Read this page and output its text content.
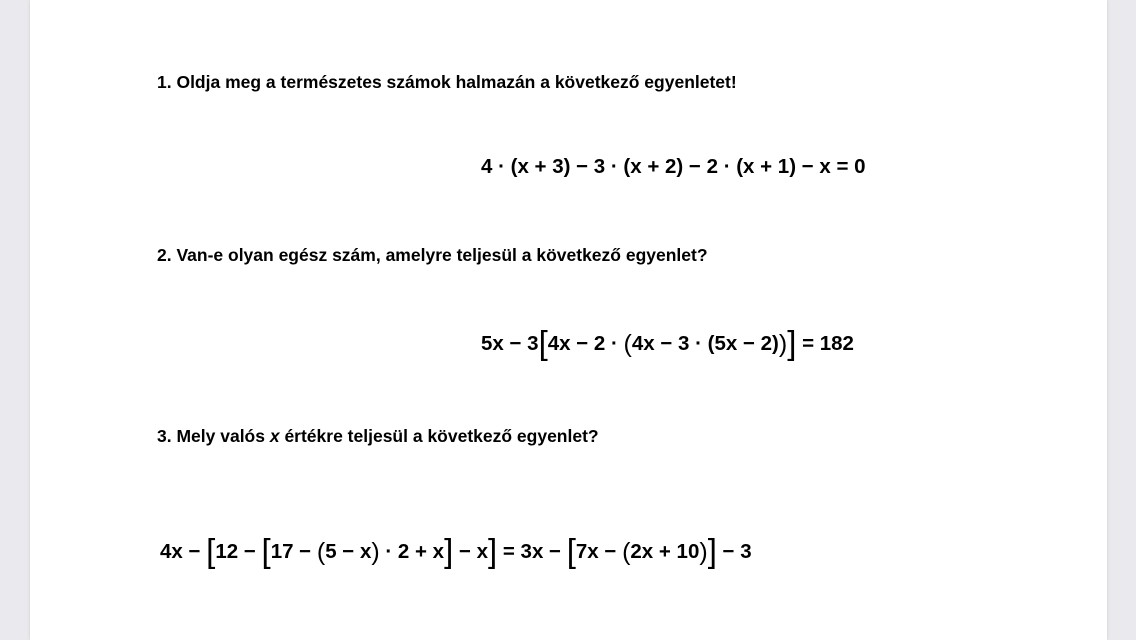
1. Oldja meg a természetes számok halmazán a következő egyenletet!
4 · (x + 3) − 3 · (x + 2) − 2 · (x + 1) − x = 0
2. Van-e olyan egész szám, amelyre teljesül a következő egyenlet?
5x − 3[4x − 2 · (4x − 3 · (5x − 2))] = 182
3. Mely valós x értékre teljesül a következő egyenlet?
4x − [12 − [17 − (5 − x) · 2 + x] − x] = 3x − [7x − (2x + 10)] − 3
